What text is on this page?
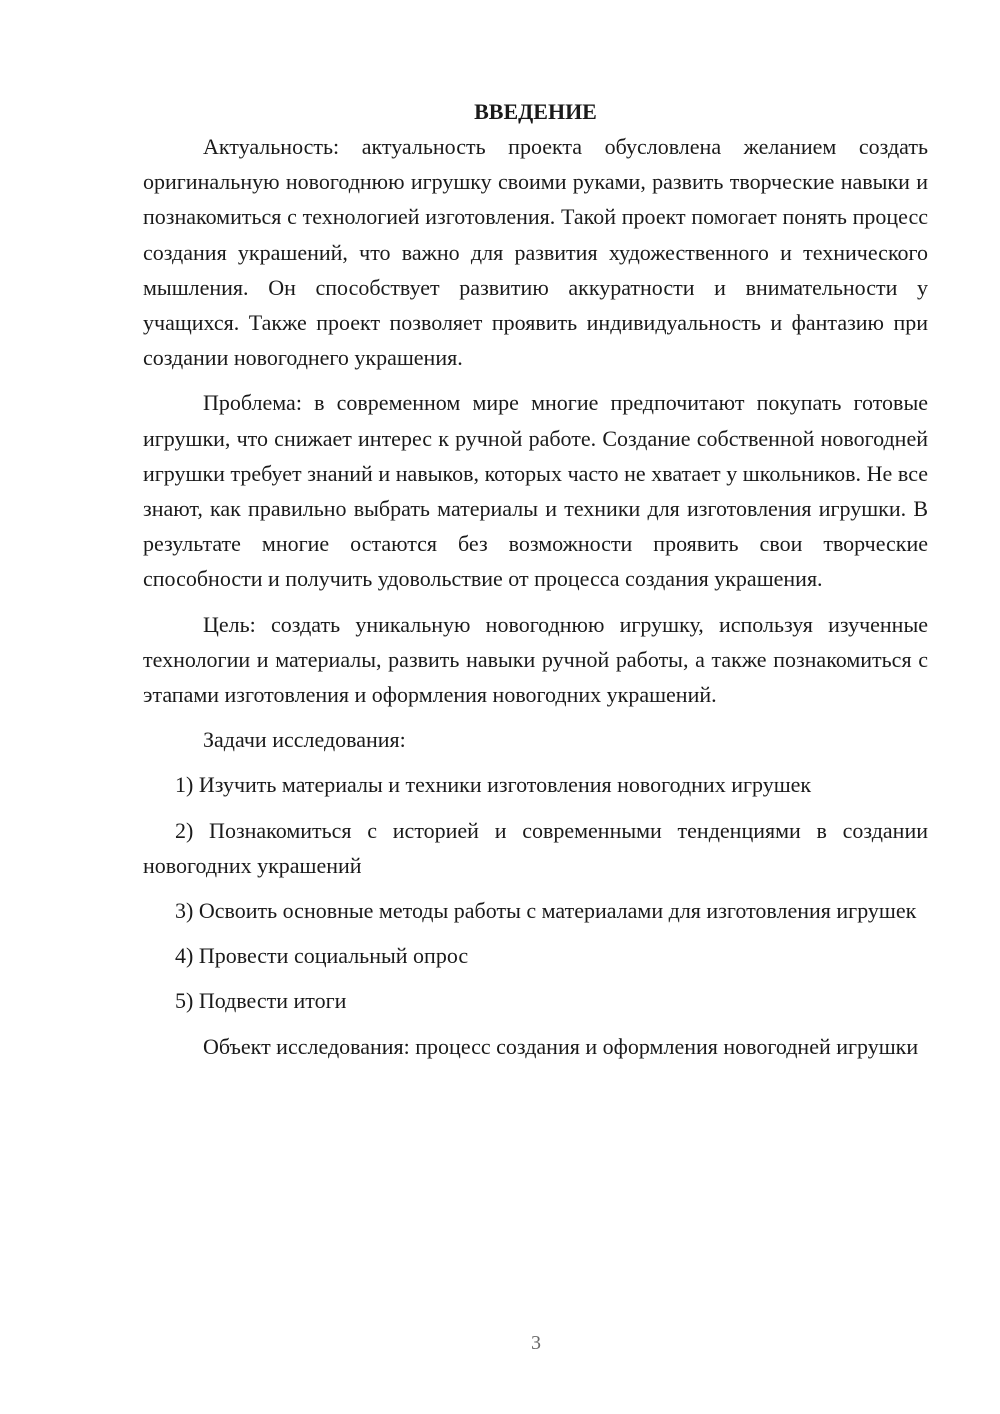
ВВЕДЕНИЕ

Актуальность: актуальность проекта обусловлена желанием создать оригинальную новогоднюю игрушку своими руками, развить творческие навыки и познакомиться с технологией изготовления. Такой проект помогает понять процесс создания украшений, что важно для развития художественного и технического мышления. Он способствует развитию аккуратности и внимательности у учащихся. Также проект позволяет проявить индивидуальность и фантазию при создании новогоднего украшения.

Проблема: в современном мире многие предпочитают покупать готовые игрушки, что снижает интерес к ручной работе. Создание собственной новогодней игрушки требует знаний и навыков, которых часто не хватает у школьников. Не все знают, как правильно выбрать материалы и техники для изготовления игрушки. В результате многие остаются без возможности проявить свои творческие способности и получить удовольствие от процесса создания украшения.

Цель: создать уникальную новогоднюю игрушку, используя изученные технологии и материалы, развить навыки ручной работы, а также познакомиться с этапами изготовления и оформления новогодних украшений.

Задачи исследования:

1) Изучить материалы и техники изготовления новогодних игрушек

2) Познакомиться с историей и современными тенденциями в создании новогодних украшений

3) Освоить основные методы работы с материалами для изготовления игрушек

4) Провести социальный опрос

5) Подвести итоги

Объект исследования: процесс создания и оформления новогодней игрушки

3
